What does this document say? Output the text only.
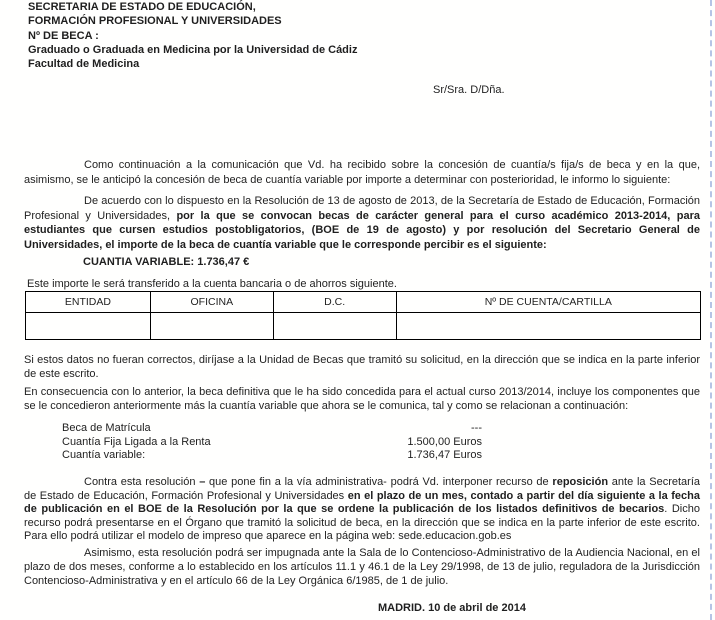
SECRETARIA DE ESTADO DE EDUCACIÓN,
FORMACIÓN PROFESIONAL Y UNIVERSIDADES
Nº DE BECA :
Graduado o Graduada en Medicina por la Universidad de Cádiz
Facultad de Medicina
Sr/Sra. D/Dña.

Como continuación a la comunicación que Vd. ha recibido sobre la concesión de cuantía/s fija/s de beca y en la que, asimismo, se le anticipó la concesión de beca de cuantía variable por importe a determinar con posterioridad, le informo lo siguiente:

De acuerdo con lo dispuesto en la Resolución de 13 de agosto de 2013, de la Secretaría de Estado de Educación, Formación Profesional y Universidades, por la que se convocan becas de carácter general para el curso académico 2013-2014, para estudiantes que cursen estudios postobligatorios, (BOE de 19 de agosto) y por resolución del Secretario General de Universidades, el importe de la beca de cuantía variable que le corresponde percibir es el siguiente:

CUANTIA VARIABLE: 1.736,47 €
Este importe le será transferido a la cuenta bancaria o de ahorros siguiente.
ENTIDAD	OFICINA	D.C.	Nº DE CUENTA/CARTILLA

Si estos datos no fueran correctos, diríjase a la Unidad de Becas que tramitó su solicitud, en la dirección que se indica en la parte inferior de este escrito.

En consecuencia con lo anterior, la beca definitiva que le ha sido concedida para el actual curso 2013/2014, incluye los componentes que se le concedieron anteriormente más la cuantía variable que ahora se le comunica, tal y como se relacionan a continuación:

Beca de Matrícula	---
Cuantía Fija Ligada a la Renta	1.500,00 Euros
Cuantía variable:	1.736,47 Euros

Contra esta resolución – que pone fin a la vía administrativa- podrá Vd. interponer recurso de reposición ante la Secretaría de Estado de Educación, Formación Profesional y Universidades en el plazo de un mes, contado a partir del día siguiente a la fecha de publicación en el BOE de la Resolución por la que se ordene la publicación de los listados definitivos de becarios. Dicho recurso podrá presentarse en el Órgano que tramitó la solicitud de beca, en la dirección que se indica en la parte inferior de este escrito. Para ello podrá utilizar el modelo de impreso que aparece en la página web: sede.educacion.gob.es

Asimismo, esta resolución podrá ser impugnada ante la Sala de lo Contencioso-Administrativo de la Audiencia Nacional, en el plazo de dos meses, conforme a lo establecido en los artículos 11.1 y 46.1 de la Ley 29/1998, de 13 de julio, reguladora de la Jurisdicción Contencioso-Administrativa y en el artículo 66 de la Ley Orgánica 6/1985, de 1 de julio.

MADRID. 10 de abril de 2014
